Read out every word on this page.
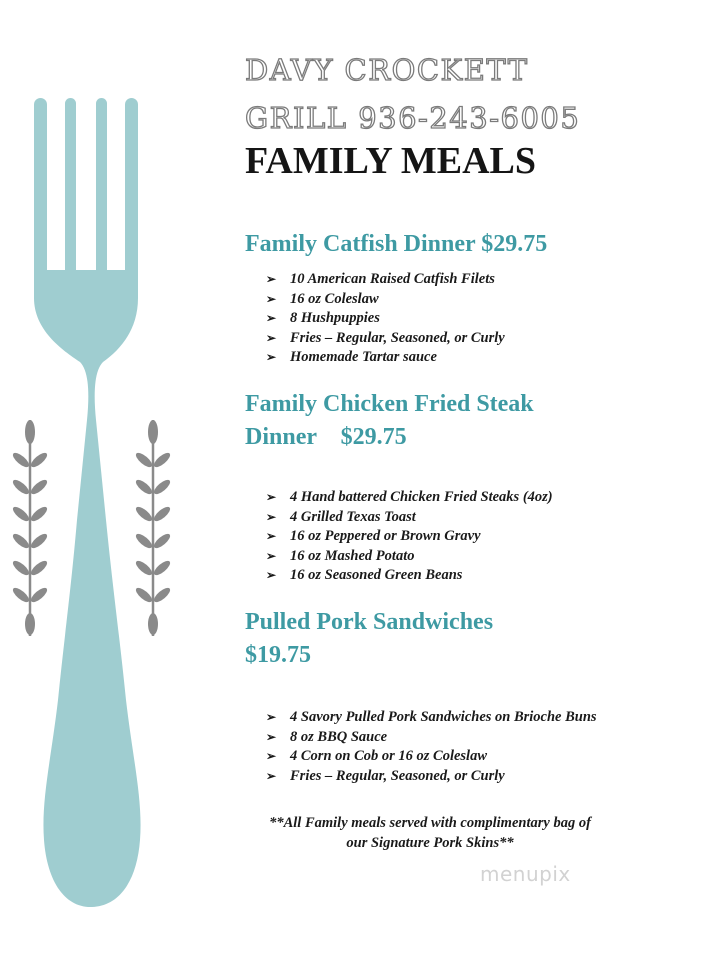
DAVY CROCKETT
GRILL 936-243-6005
FAMILY MEALS
Family Catfish Dinner $29.75
➢ 10 American Raised Catfish Filets
➢ 16 oz Coleslaw
➢ 8 Hushpuppies
➢ Fries – Regular, Seasoned, or Curly
➢ Homemade Tartar sauce
Family Chicken Fried Steak
Dinner    $29.75
➢ 4 Hand battered Chicken Fried Steaks (4oz)
➢ 4 Grilled Texas Toast
➢ 16 oz Peppered or Brown Gravy
➢ 16 oz Mashed Potato
➢ 16 oz Seasoned Green Beans
Pulled Pork Sandwiches
$19.75
➢ 4 Savory Pulled Pork Sandwiches on Brioche Buns
➢ 8 oz BBQ Sauce
➢ 4 Corn on Cob or 16 oz Coleslaw
➢ Fries – Regular, Seasoned, or Curly
**All Family meals served with complimentary bag of
our Signature Pork Skins**
menupix
